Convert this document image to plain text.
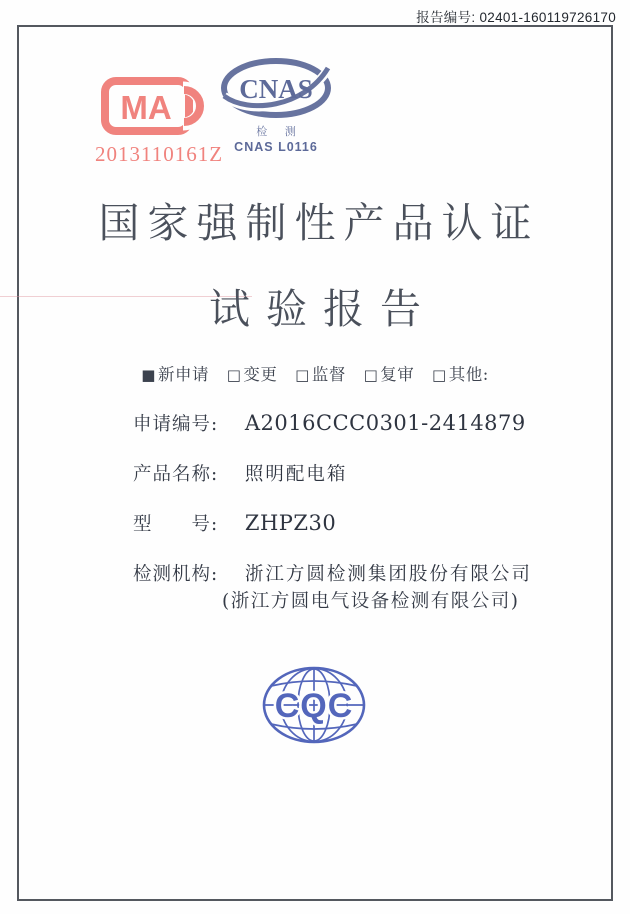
报告编号: 02401-160119726170
MA
2013110161Z
CNAS
检 测
CNAS L0116
国家强制性产品认证
试验报告
■ 新申请 □ 变更 □ 监督 □ 复审 □ 其他:
申请编号: A2016CCC0301-2414879
产品名称: 照明配电箱
型　　号: ZHPZ30
检测机构: 浙江方圆检测集团股份有限公司
(浙江方圆电气设备检测有限公司)
CQC
